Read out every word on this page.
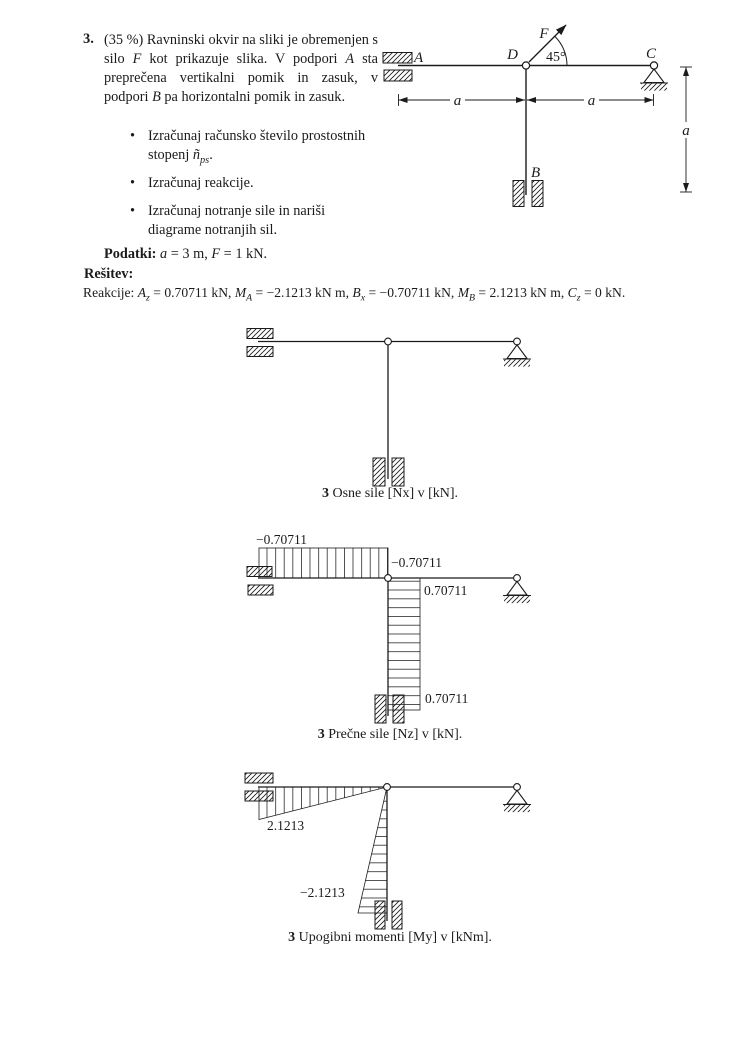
3. (35 %) Ravninski okvir na sliki je obremenjen s silo F kot prikazuje slika. V podpori A sta preprečena vertikalni pomik in zasuk, v podpori B pa horizontalni pomik in zasuk.
• Izračunaj računsko število prostostnih stopenj $ñ_{ps}$.
• Izračunaj reakcije.
• Izračunaj notranje sile in nariši diagrame notranjih sil.
Podatki: a = 3 m, F = 1 kN.
Rešitev:
Reakcije: $A_z = 0.70711$ kN, $M_A = -2.1213$ kN m, $B_x = -0.70711$ kN, $M_B = 2.1213$ kN m, $C_z = 0$ kN.
a	a
a
A	D	C
B
F
45°
3 Osne sile [Nx] v [kN].
−0.70711
−0.70711
0.70711
0.70711
3 Prečne sile [Nz] v [kN].
2.1213
−2.1213
3 Upogibni momenti [My] v [kNm].
